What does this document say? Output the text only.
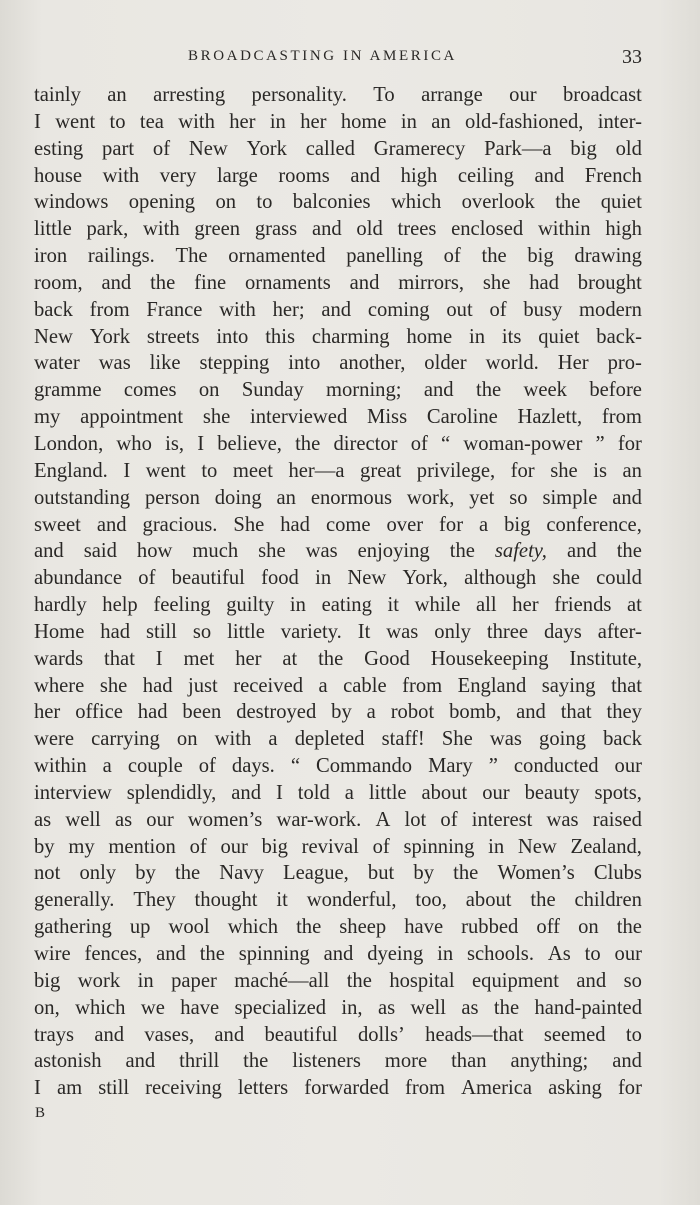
BROADCASTING IN AMERICA	33
tainly an arresting personality. To arrange our broadcast
I went to tea with her in her home in an old-fashioned, inter-
esting part of New York called Gramerecy Park—a big old
house with very large rooms and high ceiling and French
windows opening on to balconies which overlook the quiet
little park, with green grass and old trees enclosed within high
iron railings. The ornamented panelling of the big drawing
room, and the fine ornaments and mirrors, she had brought
back from France with her; and coming out of busy modern
New York streets into this charming home in its quiet back-
water was like stepping into another, older world. Her pro-
gramme comes on Sunday morning; and the week before
my appointment she interviewed Miss Caroline Hazlett, from
London, who is, I believe, the director of “ woman-power ” for
England. I went to meet her—a great privilege, for she is an
outstanding person doing an enormous work, yet so simple and
sweet and gracious. She had come over for a big conference,
and said how much she was enjoying the safety, and the
abundance of beautiful food in New York, although she could
hardly help feeling guilty in eating it while all her friends at
Home had still so little variety. It was only three days after-
wards that I met her at the Good Housekeeping Institute,
where she had just received a cable from England saying that
her office had been destroyed by a robot bomb, and that they
were carrying on with a depleted staff! She was going back
within a couple of days. “ Commando Mary ” conducted our
interview splendidly, and I told a little about our beauty spots,
as well as our women’s war-work. A lot of interest was raised
by my mention of our big revival of spinning in New Zealand,
not only by the Navy League, but by the Women’s Clubs
generally. They thought it wonderful, too, about the children
gathering up wool which the sheep have rubbed off on the
wire fences, and the spinning and dyeing in schools. As to our
big work in paper maché—all the hospital equipment and so
on, which we have specialized in, as well as the hand-painted
trays and vases, and beautiful dolls’ heads—that seemed to
astonish and thrill the listeners more than anything; and
I am still receiving letters forwarded from America asking for
B
